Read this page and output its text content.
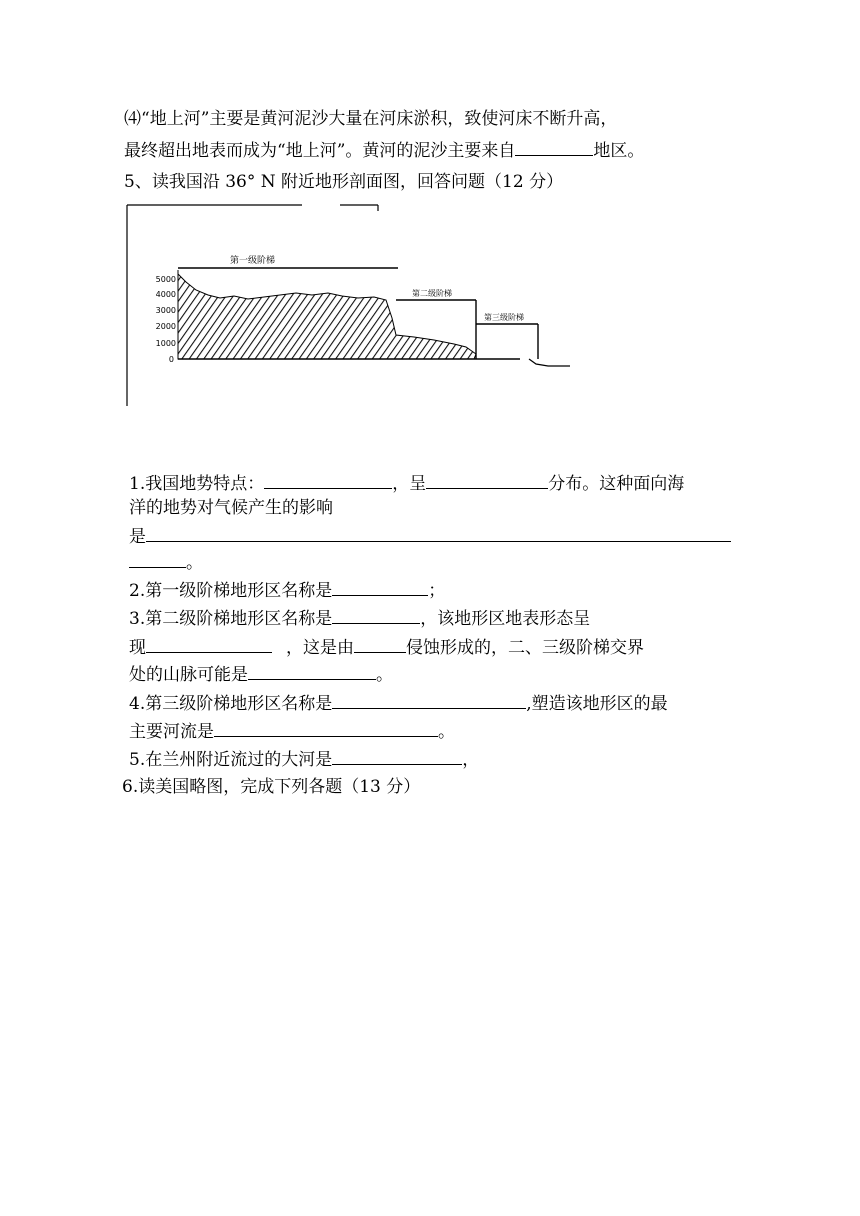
⑷“地上河”主要是黄河泥沙大量在河床淤积，致使河床不断升高，
最终超出地表而成为“地上河”。黄河的泥沙主要来自	地区。
5、读我国沿 36° N 附近地形剖面图，回答问题（12 分）
5000
4000
3000
2000
1000
0
第一级阶梯
第二级阶梯
第三级阶梯
1.我国地势特点：	，呈	分布。这种面向海
洋的地势对气候产生的影响
是
。
2.第一级阶梯地形区名称是	；
3.第二级阶梯地形区名称是	，该地形区地表形态呈
现	，这是由	侵蚀形成的，二、三级阶梯交界
处的山脉可能是	。
4.第三级阶梯地形区名称是	,塑造该地形区的最
主要河流是	。
5.在兰州附近流过的大河是	，
6.读美国略图，完成下列各题（13 分）
